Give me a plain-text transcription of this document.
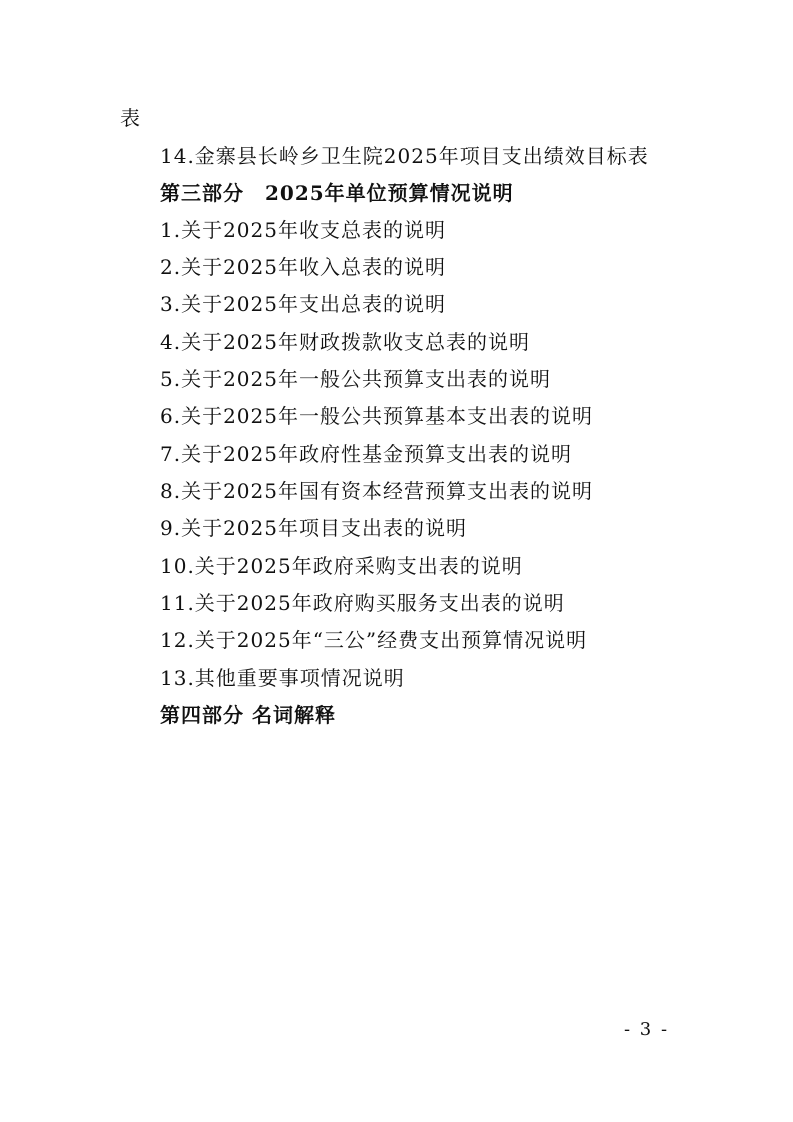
表
14.金寨县长岭乡卫生院2025年项目支出绩效目标表
第三部分　2025年单位预算情况说明
1.关于2025年收支总表的说明
2.关于2025年收入总表的说明
3.关于2025年支出总表的说明
4.关于2025年财政拨款收支总表的说明
5.关于2025年一般公共预算支出表的说明
6.关于2025年一般公共预算基本支出表的说明
7.关于2025年政府性基金预算支出表的说明
8.关于2025年国有资本经营预算支出表的说明
9.关于2025年项目支出表的说明
10.关于2025年政府采购支出表的说明
11.关于2025年政府购买服务支出表的说明
12.关于2025年“三公”经费支出预算情况说明
13.其他重要事项情况说明
第四部分 名词解释
- 3 -
